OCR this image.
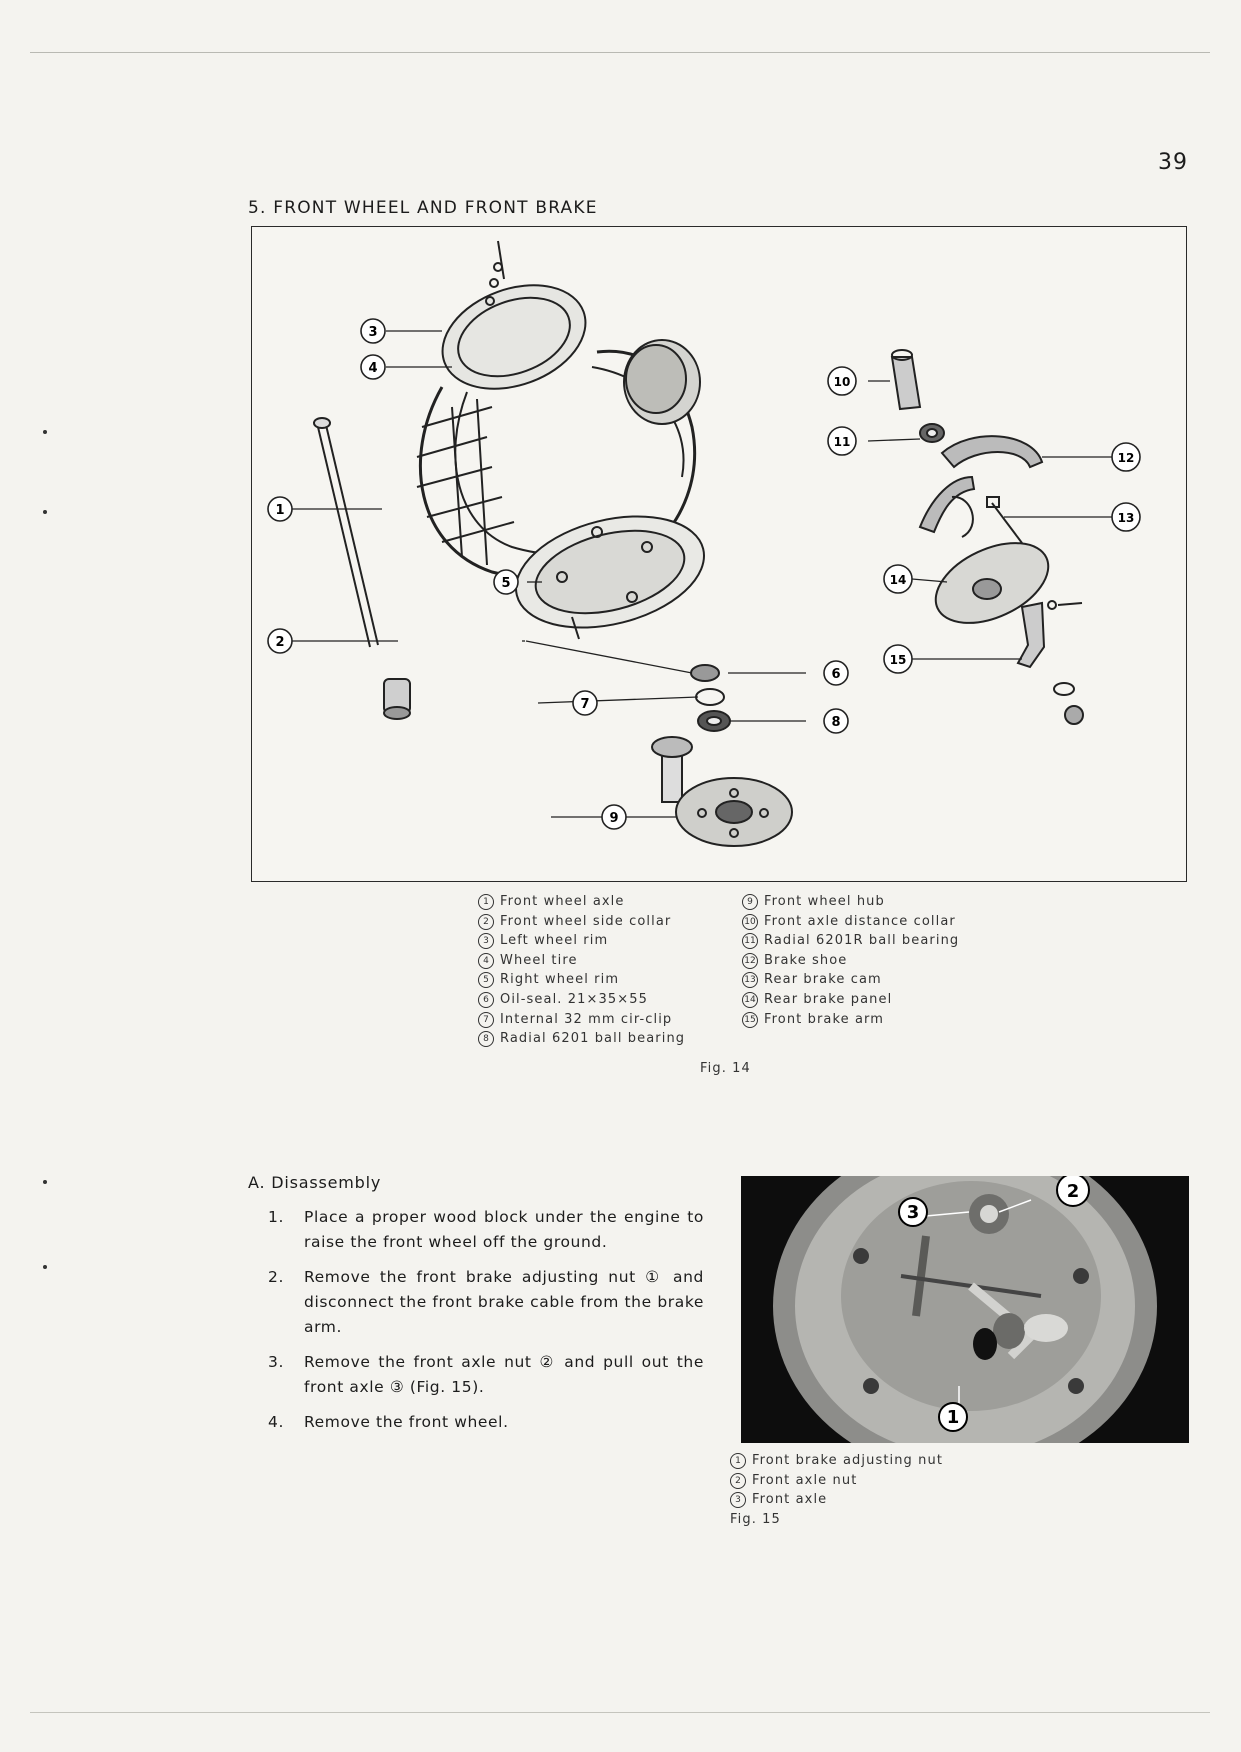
39
5. FRONT WHEEL AND FRONT BRAKE
3
4
1
2
5
7
6
8
9
10
11
12
13
14
15
1 Front wheel axle
2 Front wheel side collar
3 Left wheel rim
4 Wheel tire
5 Right wheel rim
6 Oil-seal. 21×35×55
7 Internal 32 mm cir-clip
8 Radial 6201 ball bearing
9 Front wheel hub
10 Front axle distance collar
11 Radial 6201R ball bearing
12 Brake shoe
13 Rear brake cam
14 Rear brake panel
15 Front brake arm
Fig. 14
A. Disassembly
1.	Place a proper wood block under the engine to raise the front wheel off the ground.
2.	Remove the front brake adjusting nut ① and disconnect the front brake cable from the brake arm.
3.	Remove the front axle nut ② and pull out the front axle ③ (Fig. 15).
4.	Remove the front wheel.
3
2
1
1 Front brake adjusting nut
2 Front axle nut
3 Front axle
Fig. 15
